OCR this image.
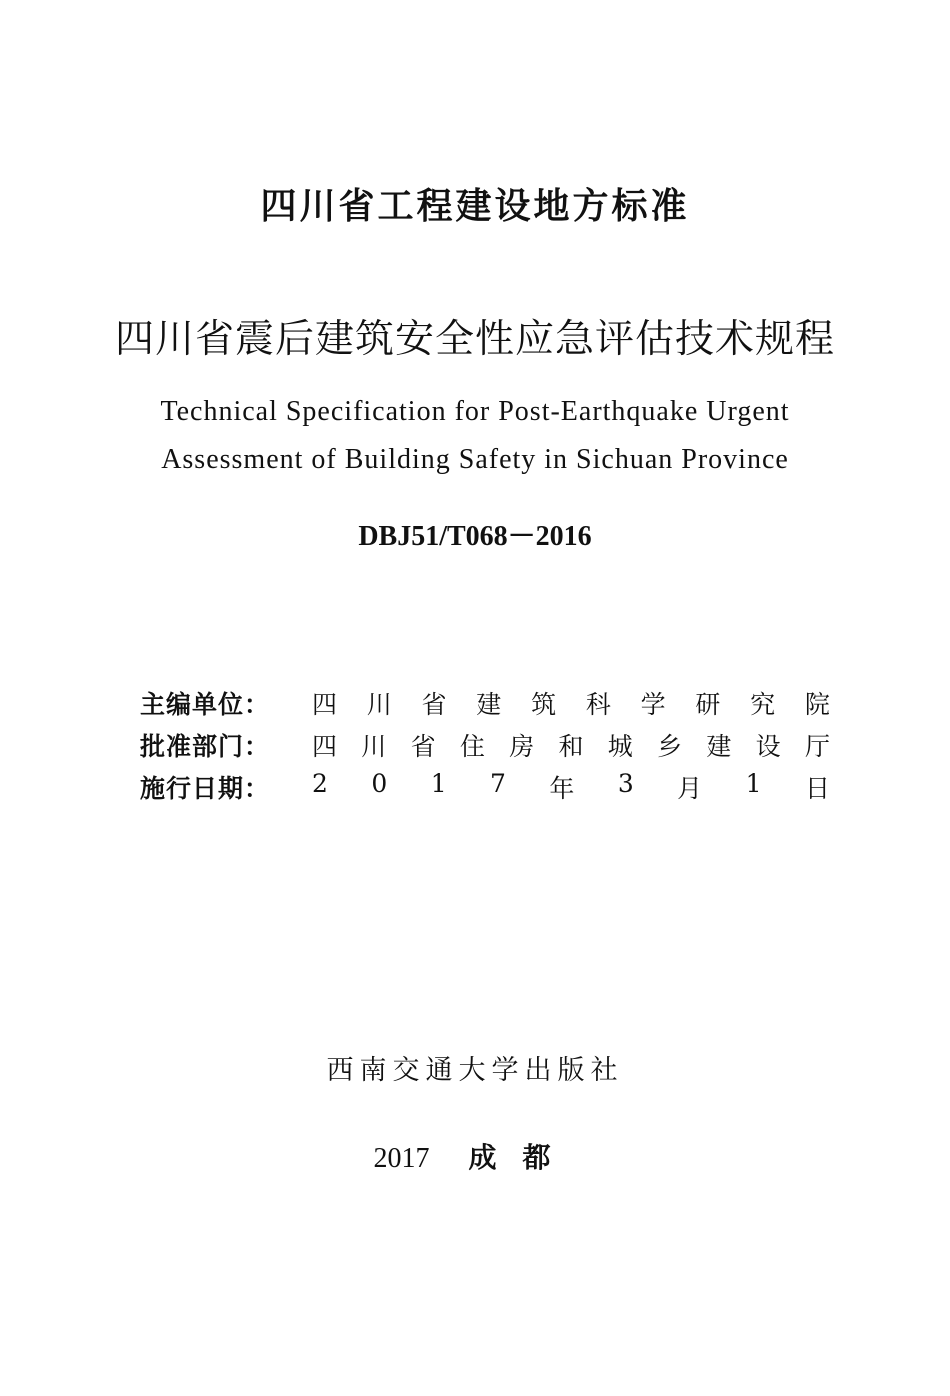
四川省工程建设地方标准
四川省震后建筑安全性应急评估技术规程
Technical Specification for Post-Earthquake Urgent
Assessment of Building Safety in Sichuan Province
DBJ51/T068－2016
主编单位：	四 川 省 建 筑 科 学 研 究 院
批准部门：	四 川 省 住 房 和 城 乡 建 设 厅
施行日期：	2 0 1 7 年 3 月 1 日
西南交通大学出版社
2017 成都
